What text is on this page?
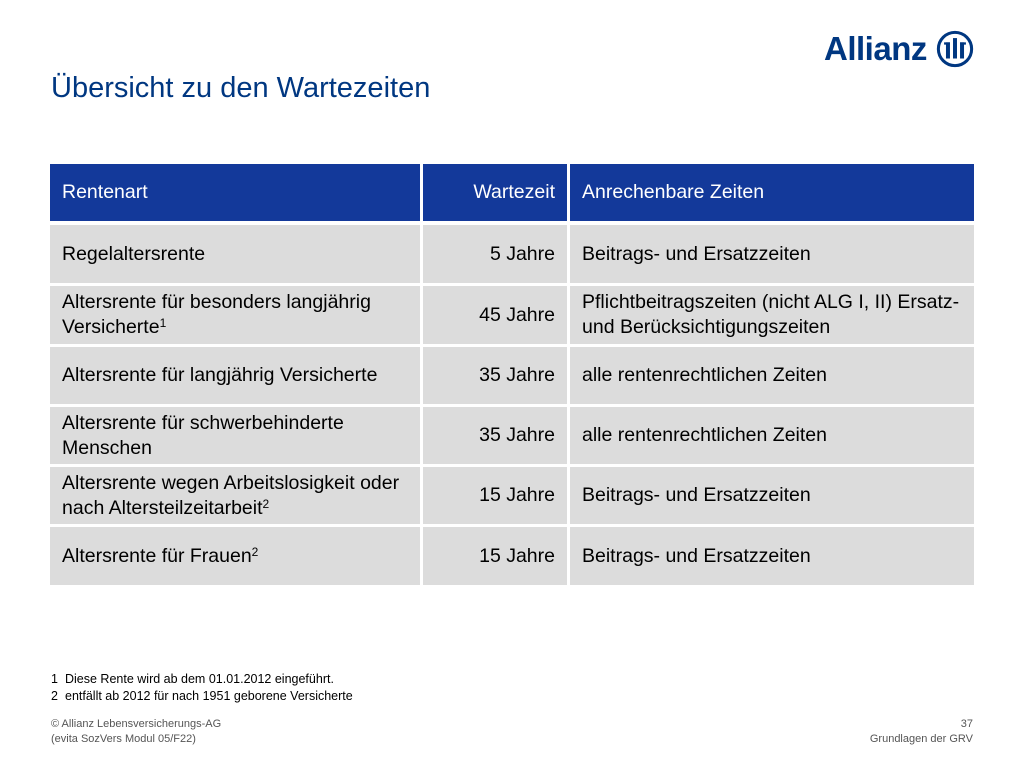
Allianz
Übersicht zu den Wartezeiten
Rentenart	Wartezeit	Anrechenbare Zeiten
Regelaltersrente	5 Jahre	Beitrags- und Ersatzzeiten
Altersrente für besonders langjährig Versicherte$^1$	45 Jahre	Pflichtbeitragszeiten (nicht ALG I, II) Ersatz- und Berücksichtigungszeiten
Altersrente für langjährig Versicherte	35 Jahre	alle rentenrechtlichen Zeiten
Altersrente für schwerbehinderte Menschen	35 Jahre	alle rentenrechtlichen Zeiten
Altersrente wegen Arbeitslosigkeit oder nach Altersteilzeitarbeit$^2$	15 Jahre	Beitrags- und Ersatzzeiten
Altersrente für Frauen$^2$	15 Jahre	Beitrags- und Ersatzzeiten
1 Diese Rente wird ab dem 01.01.2012 eingeführt.
2 entfällt ab 2012 für nach 1951 geborene Versicherte
© Allianz Lebensversicherungs-AG
(evita SozVers Modul 05/F22)
37
Grundlagen der GRV
